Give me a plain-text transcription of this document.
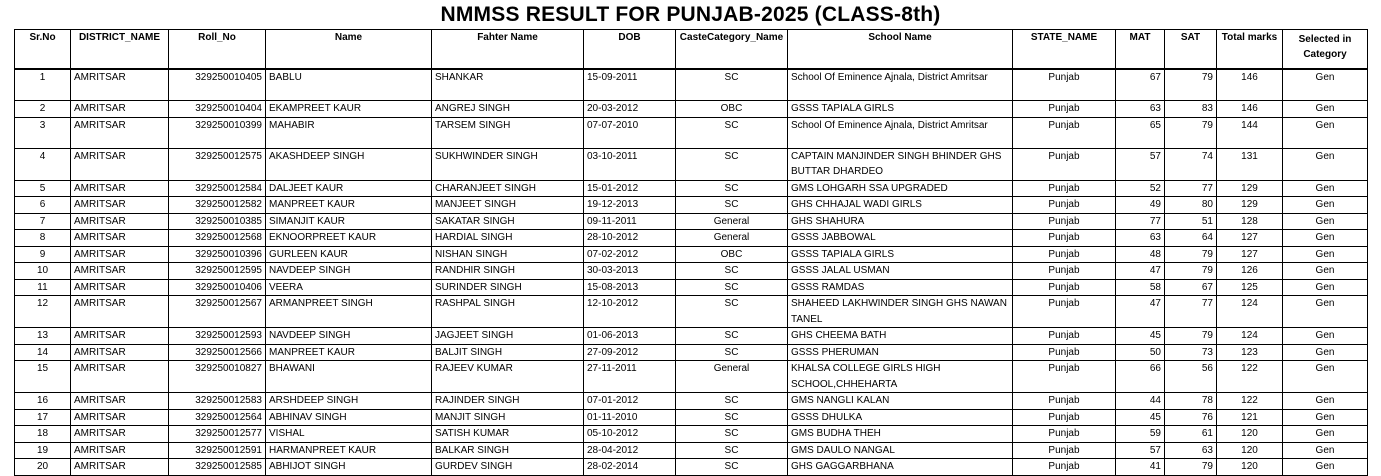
NMMSS RESULT FOR PUNJAB-2025 (CLASS-8th)
Sr.No	DISTRICT_NAME	Roll_No	Name	Fahter Name	DOB	CasteCategory_Name	School Name	STATE_NAME	MAT	SAT	Total marks	Selected in Category
1	AMRITSAR	329250010405	BABLU	SHANKAR	15-09-2011	SC	School Of Eminence Ajnala, District Amritsar	Punjab	67	79	146	Gen
2	AMRITSAR	329250010404	EKAMPREET KAUR	ANGREJ SINGH	20-03-2012	OBC	GSSS TAPIALA GIRLS	Punjab	63	83	146	Gen
3	AMRITSAR	329250010399	MAHABIR	TARSEM SINGH	07-07-2010	SC	School Of Eminence Ajnala, District Amritsar	Punjab	65	79	144	Gen
4	AMRITSAR	329250012575	AKASHDEEP SINGH	SUKHWINDER SINGH	03-10-2011	SC	CAPTAIN MANJINDER SINGH BHINDER GHS BUTTAR DHARDEO	Punjab	57	74	131	Gen
5	AMRITSAR	329250012584	DALJEET KAUR	CHARANJEET SINGH	15-01-2012	SC	GMS LOHGARH SSA UPGRADED	Punjab	52	77	129	Gen
6	AMRITSAR	329250012582	MANPREET KAUR	MANJEET SINGH	19-12-2013	SC	GHS CHHAJAL WADI GIRLS	Punjab	49	80	129	Gen
7	AMRITSAR	329250010385	SIMANJIT KAUR	SAKATAR SINGH	09-11-2011	General	GHS SHAHURA	Punjab	77	51	128	Gen
8	AMRITSAR	329250012568	EKNOORPREET KAUR	HARDIAL SINGH	28-10-2012	General	GSSS JABBOWAL	Punjab	63	64	127	Gen
9	AMRITSAR	329250010396	GURLEEN KAUR	NISHAN SINGH	07-02-2012	OBC	GSSS TAPIALA GIRLS	Punjab	48	79	127	Gen
10	AMRITSAR	329250012595	NAVDEEP SINGH	RANDHIR SINGH	30-03-2013	SC	GSSS JALAL USMAN	Punjab	47	79	126	Gen
11	AMRITSAR	329250010406	VEERA	SURINDER SINGH	15-08-2013	SC	GSSS RAMDAS	Punjab	58	67	125	Gen
12	AMRITSAR	329250012567	ARMANPREET SINGH	RASHPAL SINGH	12-10-2012	SC	SHAHEED LAKHWINDER SINGH GHS NAWAN TANEL	Punjab	47	77	124	Gen
13	AMRITSAR	329250012593	NAVDEEP SINGH	JAGJEET SINGH	01-06-2013	SC	GHS CHEEMA BATH	Punjab	45	79	124	Gen
14	AMRITSAR	329250012566	MANPREET KAUR	BALJIT SINGH	27-09-2012	SC	GSSS PHERUMAN	Punjab	50	73	123	Gen
15	AMRITSAR	329250010827	BHAWANI	RAJEEV KUMAR	27-11-2011	General	KHALSA COLLEGE GIRLS HIGH SCHOOL,CHHEHARTA	Punjab	66	56	122	Gen
16	AMRITSAR	329250012583	ARSHDEEP SINGH	RAJINDER SINGH	07-01-2012	SC	GMS NANGLI KALAN	Punjab	44	78	122	Gen
17	AMRITSAR	329250012564	ABHINAV SINGH	MANJIT SINGH	01-11-2010	SC	GSSS DHULKA	Punjab	45	76	121	Gen
18	AMRITSAR	329250012577	VISHAL	SATISH KUMAR	05-10-2012	SC	GMS BUDHA THEH	Punjab	59	61	120	Gen
19	AMRITSAR	329250012591	HARMANPREET KAUR	BALKAR SINGH	28-04-2012	SC	GMS DAULO NANGAL	Punjab	57	63	120	Gen
20	AMRITSAR	329250012585	ABHIJOT SINGH	GURDEV SINGH	28-02-2014	SC	GHS GAGGARBHANA	Punjab	41	79	120	Gen
